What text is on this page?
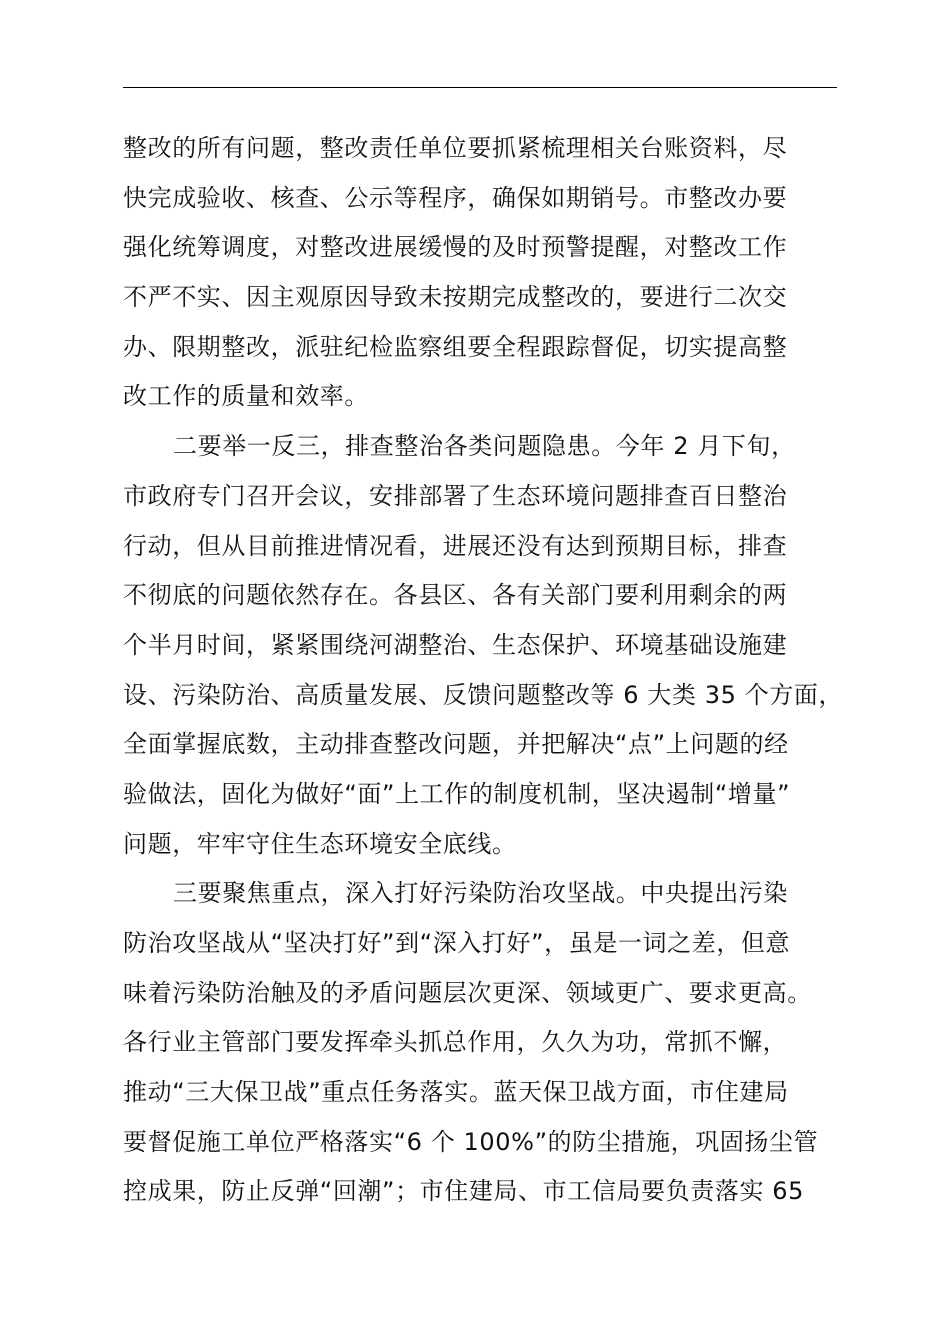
整改的所有问题，整改责任单位要抓紧梳理相关台账资料，尽
快完成验收、核查、公示等程序，确保如期销号。市整改办要
强化统筹调度，对整改进展缓慢的及时预警提醒，对整改工作
不严不实、因主观原因导致未按期完成整改的，要进行二次交
办、限期整改，派驻纪检监察组要全程跟踪督促，切实提高整
改工作的质量和效率。
二要举一反三，排查整治各类问题隐患。今年 2 月下旬，
市政府专门召开会议，安排部署了生态环境问题排查百日整治
行动，但从目前推进情况看，进展还没有达到预期目标，排查
不彻底的问题依然存在。各县区、各有关部门要利用剩余的两
个半月时间，紧紧围绕河湖整治、生态保护、环境基础设施建
设、污染防治、高质量发展、反馈问题整改等 6 大类 35 个方面，
全面掌握底数，主动排查整改问题，并把解决“点”上问题的经
验做法，固化为做好“面”上工作的制度机制，坚决遏制“增量”
问题，牢牢守住生态环境安全底线。
三要聚焦重点，深入打好污染防治攻坚战。中央提出污染
防治攻坚战从“坚决打好”到“深入打好”，虽是一词之差，但意
味着污染防治触及的矛盾问题层次更深、领域更广、要求更高。
各行业主管部门要发挥牵头抓总作用，久久为功，常抓不懈，
推动“三大保卫战”重点任务落实。蓝天保卫战方面，市住建局
要督促施工单位严格落实“6 个 100%”的防尘措施，巩固扬尘管
控成果，防止反弹“回潮”；市住建局、市工信局要负责落实 65
